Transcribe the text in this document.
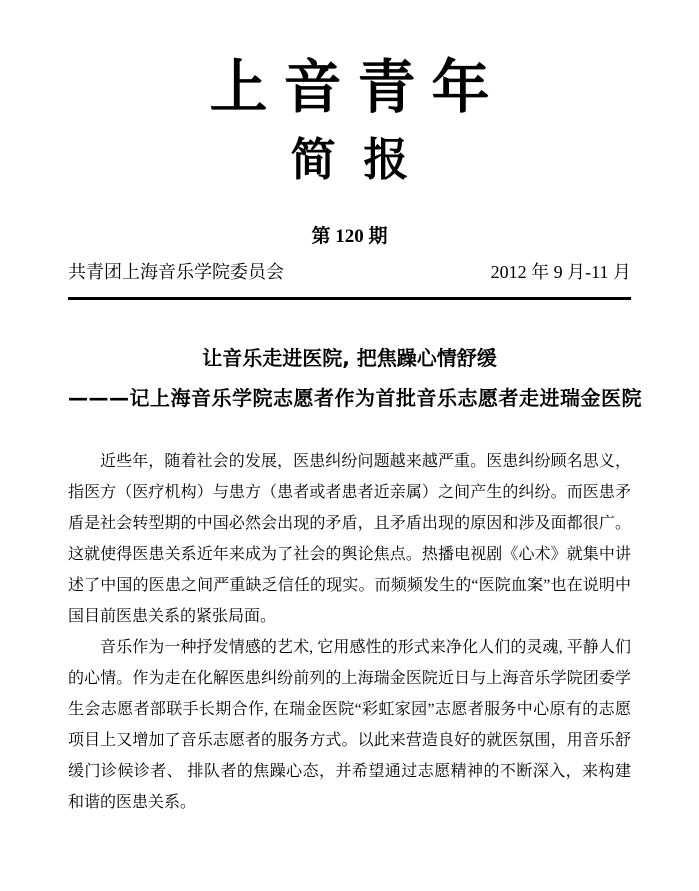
上音青年
简 报
第 120 期
共青团上海音乐学院委员会	2012 年 9 月-11 月
让音乐走进医院, 把焦躁心情舒缓
———记上海音乐学院志愿者作为首批音乐志愿者走进瑞金医院

近些年，随着社会的发展，医患纠纷问题越来越严重。医患纠纷顾名思义，指医方（医疗机构）与患方（患者或者患者近亲属）之间产生的纠纷。而医患矛盾是社会转型期的中国必然会出现的矛盾，且矛盾出现的原因和涉及面都很广。这就使得医患关系近年来成为了社会的舆论焦点。热播电视剧《心术》就集中讲述了中国的医患之间严重缺乏信任的现实。而频频发生的“医院血案”也在说明中国目前医患关系的紧张局面。

音乐作为一种抒发情感的艺术, 它用感性的形式来净化人们的灵魂, 平静人们的心情。作为走在化解医患纠纷前列的上海瑞金医院近日与上海音乐学院团委学生会志愿者部联手长期合作, 在瑞金医院“彩虹家园”志愿者服务中心原有的志愿项目上又增加了音乐志愿者的服务方式。以此来营造良好的就医氛围，用音乐舒缓门诊候诊者、 排队者的焦躁心态，并希望通过志愿精神的不断深入，来构建和谐的医患关系。
